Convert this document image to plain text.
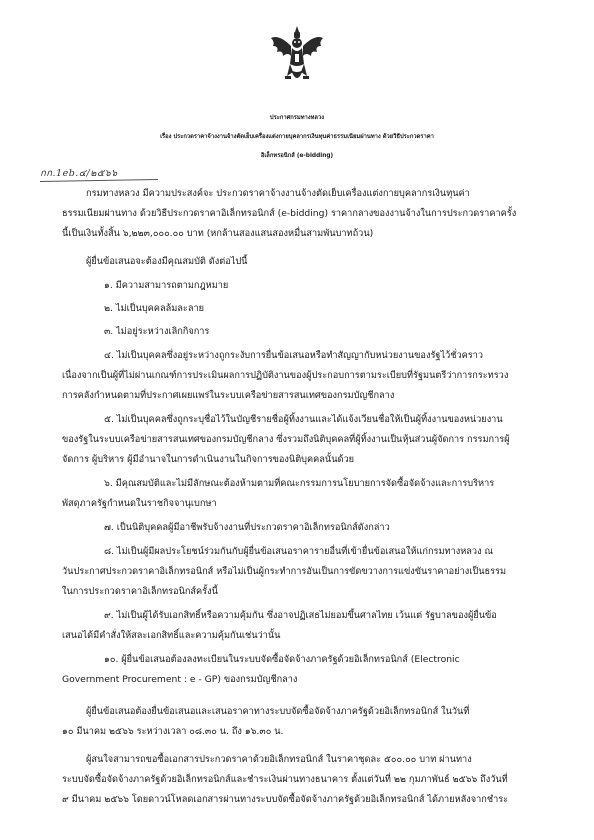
ประกาศกรมทางหลวง
เรื่อง ประกวดราคาจ้างงานจ้างตัดเย็บเครื่องแต่งกายบุคลากรเงินทุนค่าธรรมเนียมผ่านทาง ด้วยวิธีประกวดราคา
อิเล็กทรอนิกส์ (e-bidding)
กก.1eb.๔/๒๕๖๖
กรมทางหลวง มีความประสงค์จะ ประกวดราคาจ้างงานจ้างตัดเย็บเครื่องแต่งกายบุคลากรเงินทุนค่า
ธรรมเนียมผ่านทาง ด้วยวิธีประกวดราคาอิเล็กทรอนิกส์ (e-bidding) ราคากลางของงานจ้างในการประกวดราคาครั้ง
นี้เป็นเงินทั้งสิ้น ๖,๒๒๓,๐๐๐.๐๐ บาท (หกล้านสองแสนสองหมื่นสามพันบาทถ้วน)
ผู้ยื่นข้อเสนอจะต้องมีคุณสมบัติ ดังต่อไปนี้
๑. มีความสามารถตามกฎหมาย
๒. ไม่เป็นบุคคลล้มละลาย
๓. ไม่อยู่ระหว่างเลิกกิจการ
๔. ไม่เป็นบุคคลซึ่งอยู่ระหว่างถูกระงับการยื่นข้อเสนอหรือทำสัญญากับหน่วยงานของรัฐไว้ชั่วคราว
เนื่องจากเป็นผู้ที่ไม่ผ่านเกณฑ์การประเมินผลการปฏิบัติงานของผู้ประกอบการตามระเบียบที่รัฐมนตรีว่าการกระทรวง
การคลังกำหนดตามที่ประกาศเผยแพร่ในระบบเครือข่ายสารสนเทศของกรมบัญชีกลาง
๕. ไม่เป็นบุคคลซึ่งถูกระบุชื่อไว้ในบัญชีรายชื่อผู้ทิ้งงานและได้แจ้งเวียนชื่อให้เป็นผู้ทิ้งงานของหน่วยงาน
ของรัฐในระบบเครือข่ายสารสนเทศของกรมบัญชีกลาง ซึ่งรวมถึงนิติบุคคลที่ผู้ทิ้งงานเป็นหุ้นส่วนผู้จัดการ กรรมการผู้
จัดการ ผู้บริหาร ผู้มีอำนาจในการดำเนินงานในกิจการของนิติบุคคลนั้นด้วย
๖. มีคุณสมบัติและไม่มีลักษณะต้องห้ามตามที่คณะกรรมการนโยบายการจัดซื้อจัดจ้างและการบริหาร
พัสดุภาครัฐกำหนดในราชกิจจานุเบกษา
๗. เป็นนิติบุคคลผู้มีอาชีพรับจ้างงานที่ประกวดราคาอิเล็กทรอนิกส์ดังกล่าว
๘. ไม่เป็นผู้มีผลประโยชน์ร่วมกันกับผู้ยื่นข้อเสนอราคารายอื่นที่เข้ายื่นข้อเสนอให้แก่กรมทางหลวง ณ
วันประกาศประกวดราคาอิเล็กทรอนิกส์ หรือไม่เป็นผู้กระทำการอันเป็นการขัดขวางการแข่งขันราคาอย่างเป็นธรรม
ในการประกวดราคาอิเล็กทรอนิกส์ครั้งนี้
๙. ไม่เป็นผู้ได้รับเอกสิทธิ์หรือความคุ้มกัน ซึ่งอาจปฏิเสธไม่ยอมขึ้นศาลไทย เว้นแต่ รัฐบาลของผู้ยื่นข้อ
เสนอได้มีคำสั่งให้สละเอกสิทธิ์และความคุ้มกันเช่นว่านั้น
๑๐. ผู้ยื่นข้อเสนอต้องลงทะเบียนในระบบจัดซื้อจัดจ้างภาครัฐด้วยอิเล็กทรอนิกส์ (Electronic
Government Procurement : e - GP) ของกรมบัญชีกลาง
ผู้ยื่นข้อเสนอต้องยื่นข้อเสนอและเสนอราคาทางระบบจัดซื้อจัดจ้างภาครัฐด้วยอิเล็กทรอนิกส์ ในวันที่
๑๐ มีนาคม ๒๕๖๖ ระหว่างเวลา ๐๘.๓๐ น. ถึง ๑๖.๓๐ น.
ผู้สนใจสามารถขอซื้อเอกสารประกวดราคาด้วยอิเล็กทรอนิกส์ ในราคาชุดละ ๕๐๐.๐๐ บาท ผ่านทาง
ระบบจัดซื้อจัดจ้างภาครัฐด้วยอิเล็กทรอนิกส์และชำระเงินผ่านทางธนาคาร ตั้งแต่วันที่ ๒๒ กุมภาพันธ์ ๒๕๖๖ ถึงวันที่
๙ มีนาคม ๒๕๖๖ โดยดาวน์โหลดเอกสารผ่านทางระบบจัดซื้อจัดจ้างภาครัฐด้วยอิเล็กทรอนิกส์ ได้ภายหลังจากชำระ
